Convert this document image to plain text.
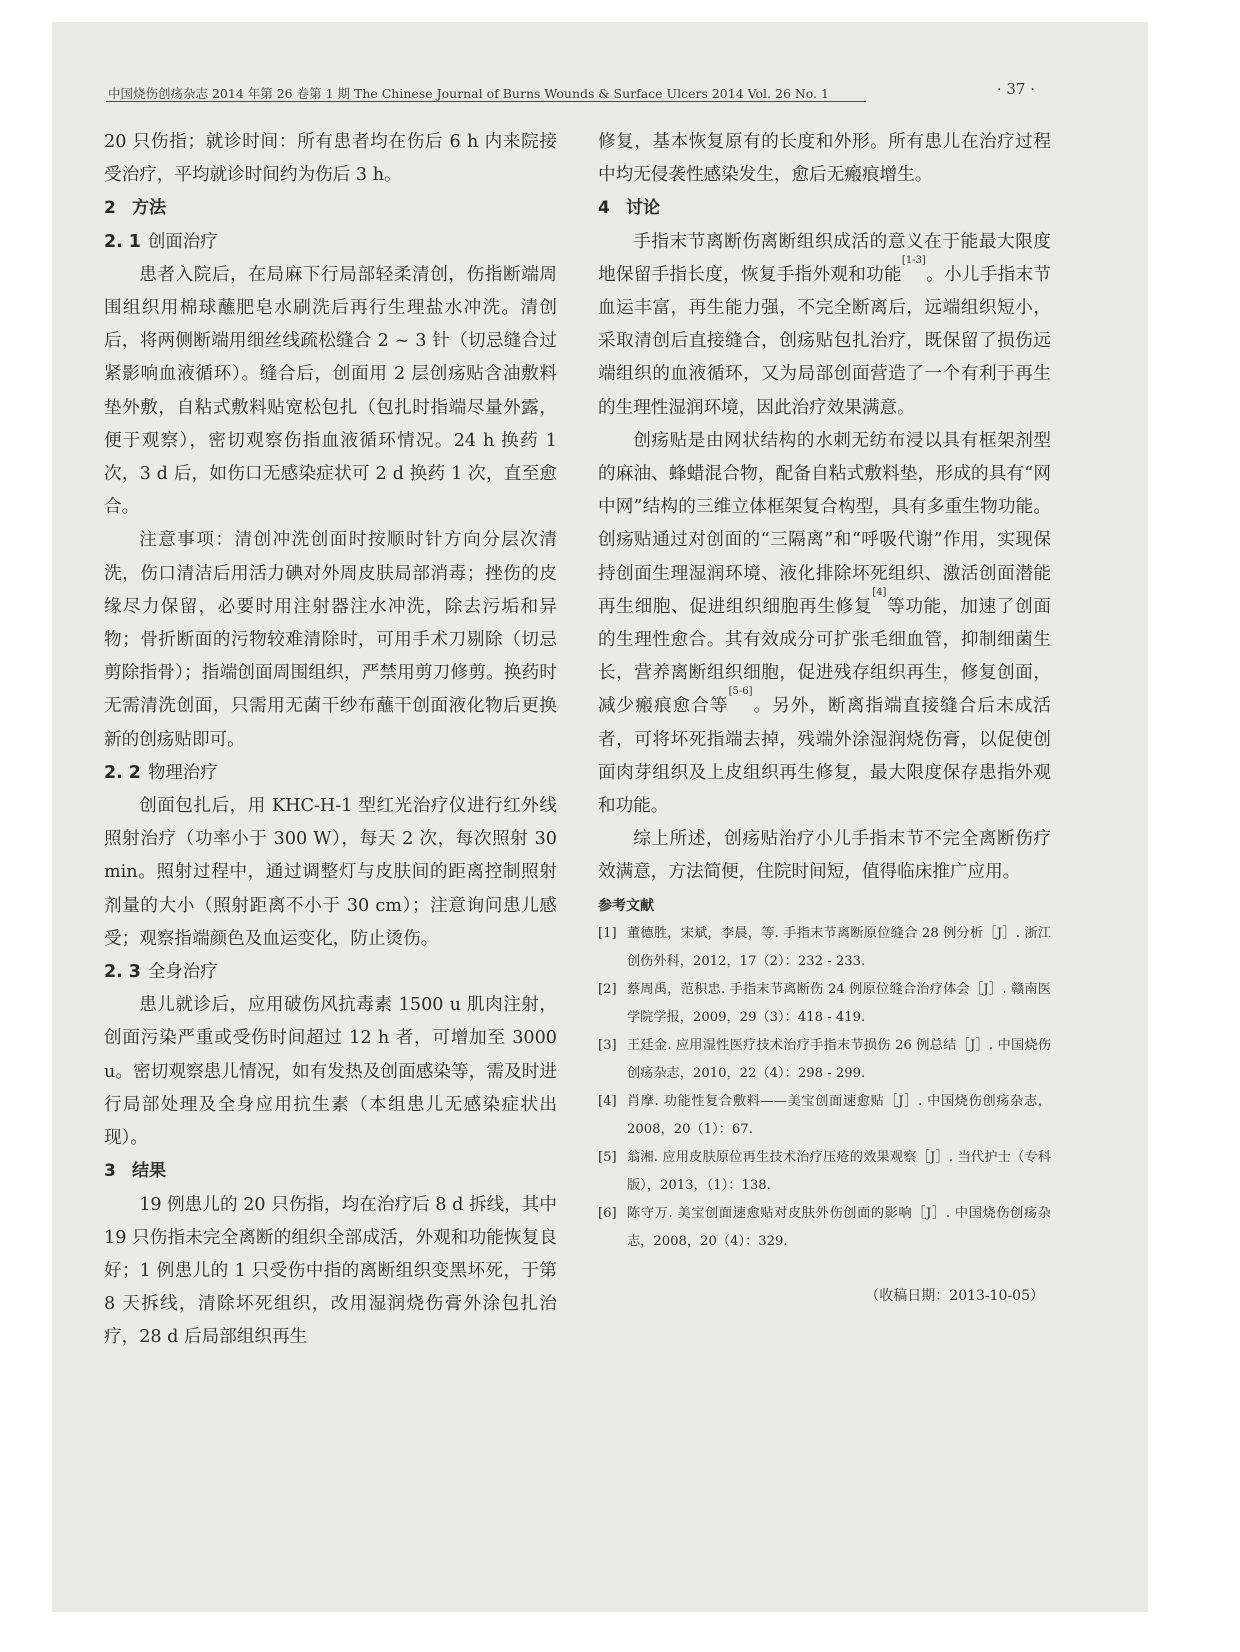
中国烧伤创疡杂志 2014 年第 26 卷第 1 期 The Chinese Journal of Burns Wounds & Surface Ulcers 2014 Vol. 26 No. 1	· 37 ·

20 只伤指；就诊时间：所有患者均在伤后 6 h 内来院接受治疗，平均就诊时间约为伤后 3 h。

2 方法

2. 1 创面治疗

患者入院后，在局麻下行局部轻柔清创，伤指断端周围组织用棉球蘸肥皂水刷洗后再行生理盐水冲洗。清创后，将两侧断端用细丝线疏松缝合 2 ~ 3 针（切忌缝合过紧影响血液循环）。缝合后，创面用 2 层创疡贴含油敷料垫外敷，自粘式敷料贴宽松包扎（包扎时指端尽量外露，便于观察），密切观察伤指血液循环情况。24 h 换药 1 次，3 d 后，如伤口无感染症状可 2 d 换药 1 次，直至愈合。

注意事项：清创冲洗创面时按顺时针方向分层次清洗，伤口清洁后用活力碘对外周皮肤局部消毒；挫伤的皮缘尽力保留，必要时用注射器注水冲洗，除去污垢和异物；骨折断面的污物较难清除时，可用手术刀剔除（切忌剪除指骨）；指端创面周围组织，严禁用剪刀修剪。换药时无需清洗创面，只需用无菌干纱布蘸干创面液化物后更换新的创疡贴即可。

2. 2 物理治疗

创面包扎后，用 KHC-H-1 型红光治疗仪进行红外线照射治疗（功率小于 300 W），每天 2 次，每次照射 30 min。照射过程中，通过调整灯与皮肤间的距离控制照射剂量的大小（照射距离不小于 30 cm）；注意询问患儿感受；观察指端颜色及血运变化，防止烫伤。

2. 3 全身治疗

患儿就诊后，应用破伤风抗毒素 1500 u 肌肉注射，创面污染严重或受伤时间超过 12 h 者，可增加至 3000 u。密切观察患儿情况，如有发热及创面感染等，需及时进行局部处理及全身应用抗生素（本组患儿无感染症状出现）。

3 结果

19 例患儿的 20 只伤指，均在治疗后 8 d 拆线，其中 19 只伤指未完全离断的组织全部成活，外观和功能恢复良好；1 例患儿的 1 只受伤中指的离断组织变黑坏死，于第 8 天拆线，清除坏死组织，改用湿润烧伤膏外涂包扎治疗，28 d 后局部组织再生

修复，基本恢复原有的长度和外形。所有患儿在治疗过程中均无侵袭性感染发生，愈后无瘢痕增生。

4 讨论

手指末节离断伤离断组织成活的意义在于能最大限度地保留手指长度，恢复手指外观和功能[1-3]。小儿手指末节血运丰富，再生能力强，不完全断离后，远端组织短小，采取清创后直接缝合，创疡贴包扎治疗，既保留了损伤远端组织的血液循环，又为局部创面营造了一个有利于再生的生理性湿润环境，因此治疗效果满意。

创疡贴是由网状结构的水刺无纺布浸以具有框架剂型的麻油、蜂蜡混合物，配备自粘式敷料垫，形成的具有“网中网”结构的三维立体框架复合构型，具有多重生物功能。创疡贴通过对创面的“三隔离”和“呼吸代谢”作用，实现保持创面生理湿润环境、液化排除坏死组织、激活创面潜能再生细胞、促进组织细胞再生修复[4]等功能，加速了创面的生理性愈合。其有效成分可扩张毛细血管，抑制细菌生长，营养离断组织细胞，促进残存组织再生，修复创面，减少瘢痕愈合等[5-6]。另外，断离指端直接缝合后未成活者，可将坏死指端去掉，残端外涂湿润烧伤膏，以促使创面肉芽组织及上皮组织再生修复，最大限度保存患指外观和功能。

综上所述，创疡贴治疗小儿手指末节不完全离断伤疗效满意，方法简便，住院时间短，值得临床推广应用。

参考文献
[1] 董德胜，宋斌，李晨，等. 手指末节离断原位缝合 28 例分析［J］. 浙江创伤外科，2012，17（2）：232 - 233.
[2] 蔡周禹，范积忠. 手指末节离断伤 24 例原位缝合治疗体会［J］. 赣南医学院学报，2009，29（3）：418 - 419.
[3] 王廷金. 应用湿性医疗技术治疗手指末节损伤 26 例总结［J］. 中国烧伤创疡杂志，2010，22（4）：298 - 299.
[4] 肖摩. 功能性复合敷料——美宝创面速愈贴［J］. 中国烧伤创疡杂志，2008，20（1）：67.
[5] 翁湘. 应用皮肤原位再生技术治疗压疮的效果观察［J］. 当代护士（专科版），2013，（1）：138.
[6] 陈守万. 美宝创面速愈贴对皮肤外伤创面的影响［J］. 中国烧伤创疡杂志，2008，20（4）：329.
（收稿日期：2013-10-05）
